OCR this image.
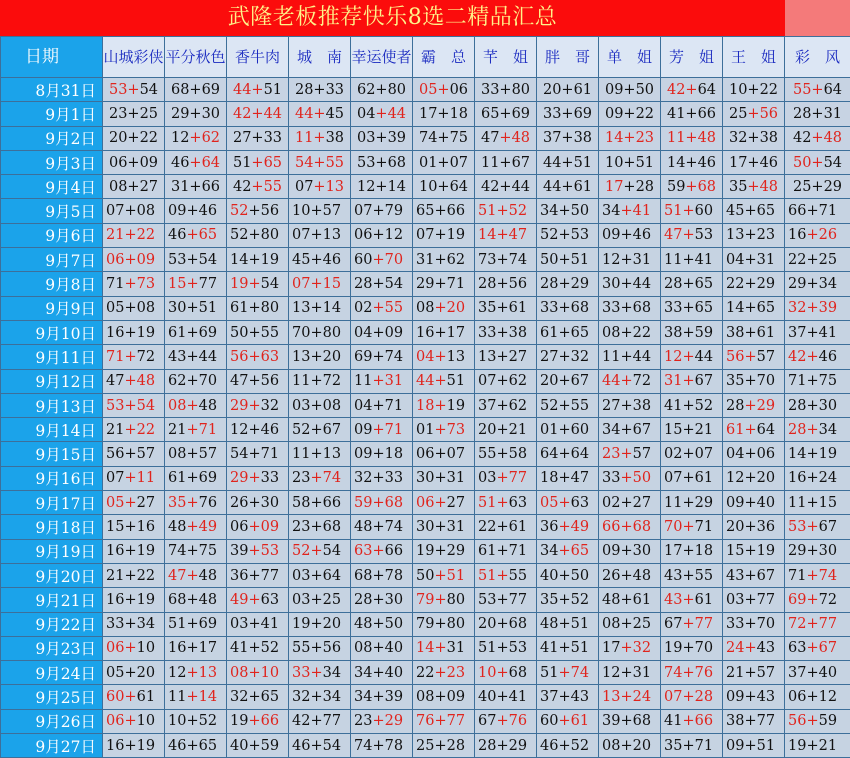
武隆老板推荐快乐8选二精品汇总
日期	山城彩侠	平分秋色	香牛肉	城　南	幸运使者	霸　总	芊　姐	胖　哥	单　姐	芳　姐	王　姐	彩　风
8月31日	53+54	68+69	44+51	28+33	62+80	05+06	33+80	20+61	09+50	42+64	10+22	55+64
9月1日	23+25	29+30	42+44	44+45	04+44	17+18	65+69	33+69	09+22	41+66	25+56	28+31
9月2日	20+22	12+62	27+33	11+38	03+39	74+75	47+48	37+38	14+23	11+48	32+38	42+48
9月3日	06+09	46+64	51+65	54+55	53+68	01+07	11+67	44+51	10+51	14+46	17+46	50+54
9月4日	08+27	31+66	42+55	07+13	12+14	10+64	42+44	44+61	17+28	59+68	35+48	25+29
9月5日	07+08	09+46	52+56	10+57	07+79	65+66	51+52	34+50	34+41	51+60	45+65	66+71
9月6日	21+22	46+65	52+80	07+13	06+12	07+19	14+47	52+53	09+46	47+53	13+23	16+26
9月7日	06+09	53+54	14+19	45+46	60+70	31+62	73+74	50+51	12+31	11+41	04+31	22+25
9月8日	71+73	15+77	19+54	07+15	28+54	29+71	28+56	28+29	30+44	28+65	22+29	29+34
9月9日	05+08	30+51	61+80	13+14	02+55	08+20	35+61	33+68	33+68	33+65	14+65	32+39
9月10日	16+19	61+69	50+55	70+80	04+09	16+17	33+38	61+65	08+22	38+59	38+61	37+41
9月11日	71+72	43+44	56+63	13+20	69+74	04+13	13+27	27+32	11+44	12+44	56+57	42+46
9月12日	47+48	62+70	47+56	11+72	11+31	44+51	07+62	20+67	44+72	31+67	35+70	71+75
9月13日	53+54	08+48	29+32	03+08	04+71	18+19	37+62	52+55	27+38	41+52	28+29	28+30
9月14日	21+22	21+71	12+46	52+67	09+71	01+73	20+21	01+60	34+67	15+21	61+64	28+34
9月15日	56+57	08+57	54+71	11+13	09+18	06+07	55+58	64+64	23+57	02+07	04+06	14+19
9月16日	07+11	61+69	29+33	23+74	32+33	30+31	03+77	18+47	33+50	07+61	12+20	16+24
9月17日	05+27	35+76	26+30	58+66	59+68	06+27	51+63	05+63	02+27	11+29	09+40	11+15
9月18日	15+16	48+49	06+09	23+68	48+74	30+31	22+61	36+49	66+68	70+71	20+36	53+67
9月19日	16+19	74+75	39+53	52+54	63+66	19+29	61+71	34+65	09+30	17+18	15+19	29+30
9月20日	21+22	47+48	36+77	03+64	68+78	50+51	51+55	40+50	26+48	43+55	43+67	71+74
9月21日	16+19	68+48	49+63	03+25	28+30	79+80	53+77	35+52	48+61	43+61	03+77	69+72
9月22日	33+34	51+69	03+41	19+20	48+50	79+80	20+68	48+51	08+25	67+77	33+70	72+77
9月23日	06+10	16+17	41+52	55+56	08+40	14+31	51+53	41+51	17+32	19+70	24+43	63+67
9月24日	05+20	12+13	08+10	33+34	34+40	22+23	10+68	51+74	12+31	74+76	21+57	37+40
9月25日	60+61	11+14	32+65	32+34	34+39	08+09	40+41	37+43	13+24	07+28	09+43	06+12
9月26日	06+10	10+52	19+66	42+77	23+29	76+77	67+76	60+61	39+68	41+66	38+77	56+59
9月27日	16+19	46+65	40+59	46+54	74+78	25+28	28+29	46+52	08+20	35+71	09+51	19+21
